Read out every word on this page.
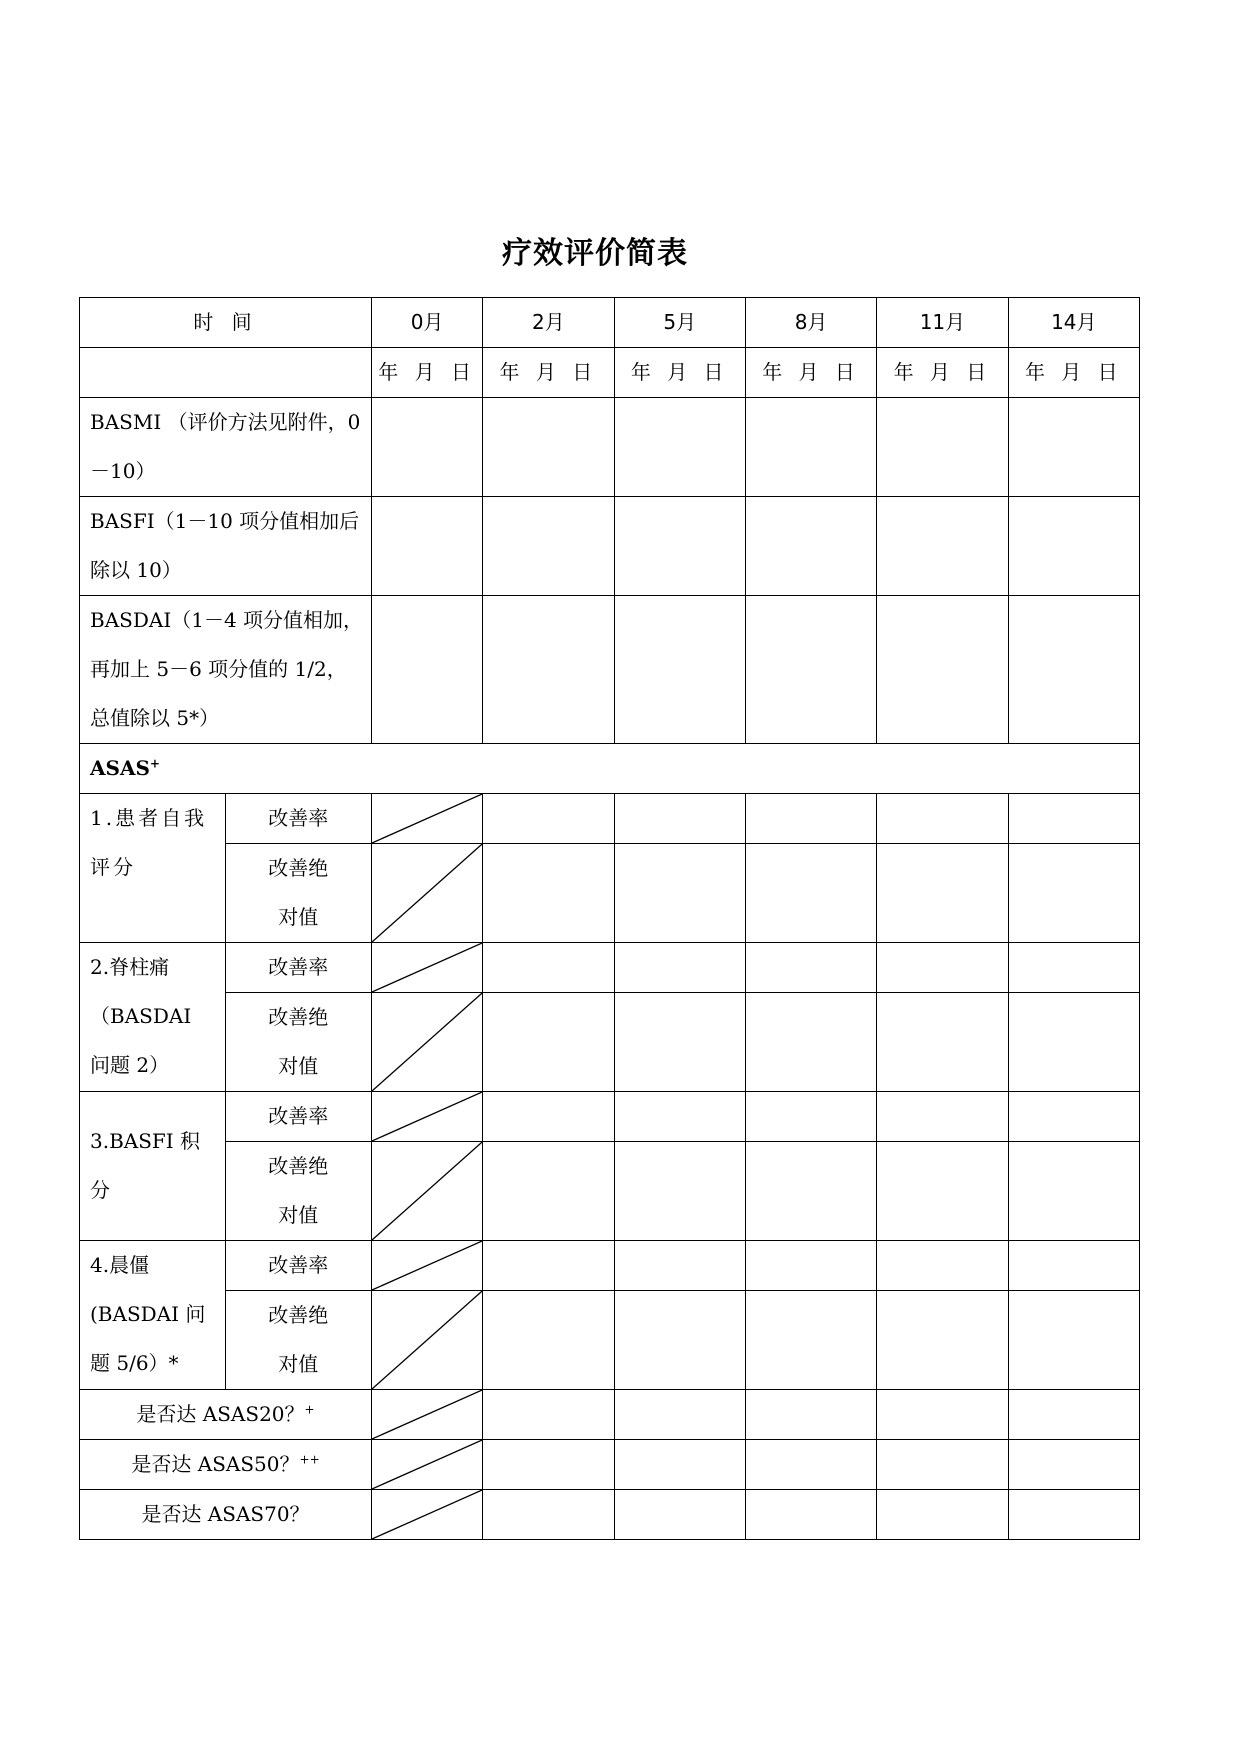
疗效评价简表
时 间		0月	2月	5月	8月	11月	14月
		年 月 日	年 月 日	年 月 日	年 月 日	年 月 日	年 月 日
BASMI （评价方法见附件，0－10）							
BASFI（1－10 项分值相加后除以 10）							
BASDAI（1－4 项分值相加，再加上 5－6 项分值的 1/2，总值除以 5*）							
ASAS+
1.患者自我评分	改善率	

	改善绝对值	

2.脊柱痛（BASDAI 问题 2）	改善率	

	改善绝对值	

3.BASFI 积分	改善率	

	改善绝对值	

4.晨僵 (BASDAI 问题 5/6）*	改善率	

	改善绝对值	

是否达 ASAS20？+	

是否达 ASAS50？++	

是否达 ASAS70？	
